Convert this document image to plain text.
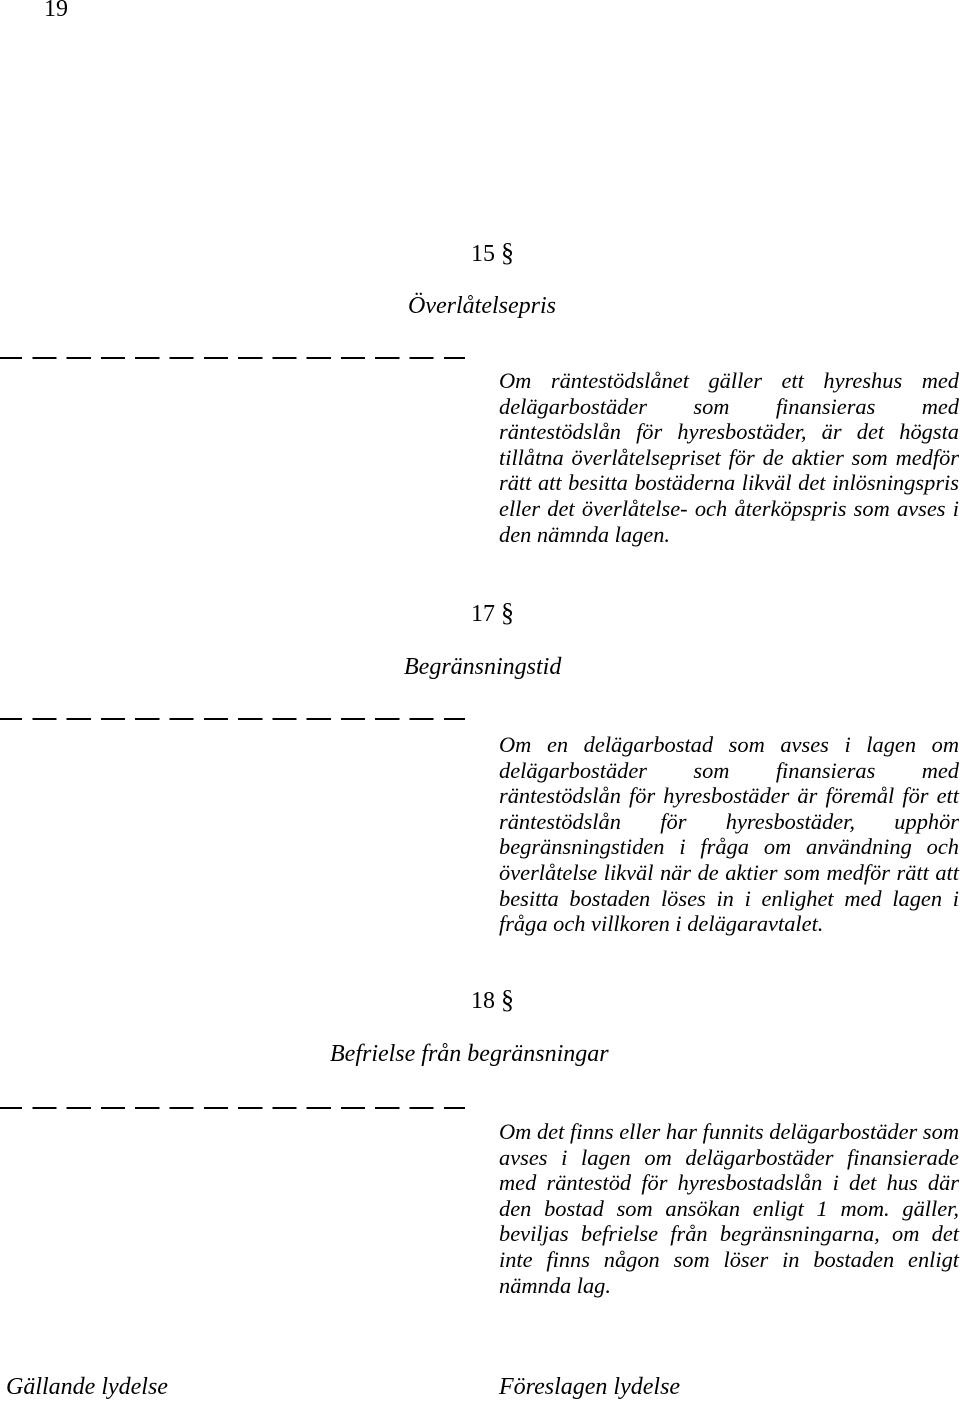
19
15 §
Överlåtelsepris
Om räntestödslånet gäller ett hyreshus med delägarbostäder som finansieras med räntestödslån för hyresbostäder, är det högsta tillåtna överlåtelsepriset för de aktier som medför rätt att besitta bostäderna likväl det inlösningspris eller det överlåtelse- och återköpspris som avses i den nämnda lagen.
17 §
Begränsningstid
Om en delägarbostad som avses i lagen om delägarbostäder som finansieras med räntestödslån för hyresbostäder är föremål för ett räntestödslån för hyresbostäder, upphör begränsningstiden i fråga om användning och överlåtelse likväl när de aktier som medför rätt att besitta bostaden löses in i enlighet med lagen i fråga och villkoren i delägaravtalet.
18 §
Befrielse från begränsningar
Om det finns eller har funnits delägarbostäder som avses i lagen om delägarbostäder finansierade med räntestöd för hyresbostadslån i det hus där den bostad som ansökan enligt 1 mom. gäller, beviljas befrielse från begränsningarna, om det inte finns någon som löser in bostaden enligt nämnda lag.
Gällande lydelse	Föreslagen lydelse
